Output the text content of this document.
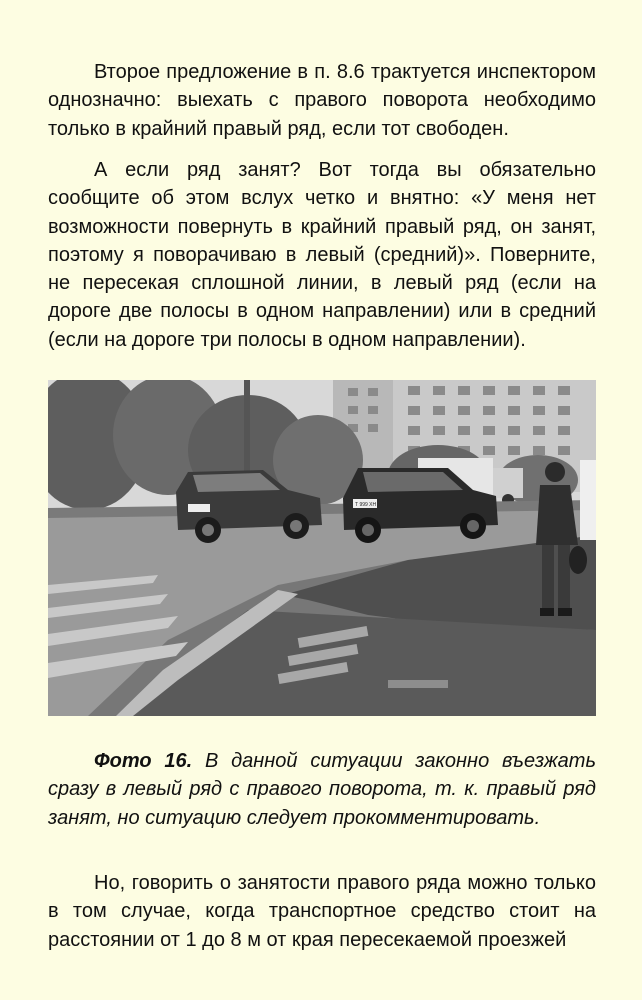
Второе предложение в п. 8.6 трактуется инспектором однозначно: выехать с правого поворота необходимо только в крайний правый ряд, если тот свободен.

А если ряд занят? Вот тогда вы обязательно сообщите об этом вслух четко и внятно: «У меня нет возможности повернуть в крайний правый ряд, он занят, поэтому я поворачиваю в левый (средний)». Поверните, не пересекая сплошной линии, в левый ряд (если на дороге две полосы в одном направлении) или в средний (если на дороге три полосы в одном направлении).

Т 999 ХН

Фото 16. В данной ситуации законно въезжать сразу в левый ряд с правого поворота, т. к. правый ряд занят, но ситуацию следует прокомментировать.

Но, говорить о занятости правого ряда можно только в том случае, когда транспортное средство стоит на расстоянии от 1 до 8 м от края пересекаемой проезжей
